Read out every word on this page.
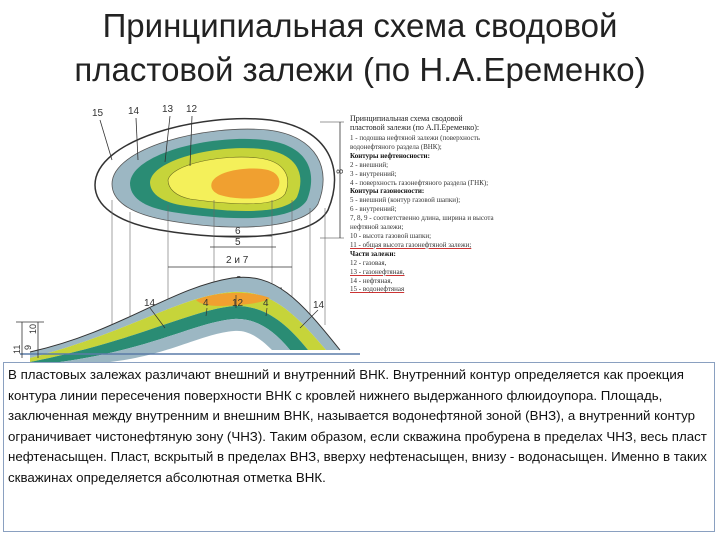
Принципиальная схема сводовой
пластовой залежи (по Н.А.Еременко)
15 14 13 12
8
6
5
2 и 7
14	4 12 4	14
11 9
10
Принципиальная схема сводовой
пластовой залежи (по А.П.Еременко):
1 - подошва нефтяной залежи (поверхность
водонефтяного раздела (ВНК);
Контуры нефтеносности:
2 - внешний;
3 - внутренний;
4 - поверхность газонефтяного раздела (ГНК);
Контуры газоносности:
5 - внешний (контур газовой шапки);
6 - внутренний;
7, 8, 9 - соответственно длина, ширина и высота
нефтяной залежи;
10 - высота газовой шапки;
11 - общая высота газонефтяной залежи;
Части залежи:
12 - газовая,
13 - газонефтяная,
14 - нефтяная,
15 - водонефтяная
В пластовых залежах различают внешний и внутренний ВНК. Внутренний контур определяется как проекция контура линии пересечения поверхности ВНК с кровлей нижнего выдержанного флюидоупора. Площадь, заключенная между внутренним и внешним ВНК, называется водонефтяной зоной (ВНЗ), а внутренний контур ограничивает чистонефтяную зону (ЧНЗ). Таким образом, если скважина пробурена в пределах ЧНЗ, весь пласт нефтенасыщен. Пласт, вскрытый в пределах ВНЗ, вверху нефтенасыщен, внизу - водонасыщен. Именно в таких скважинах определяется абсолютная отметка ВНК.
